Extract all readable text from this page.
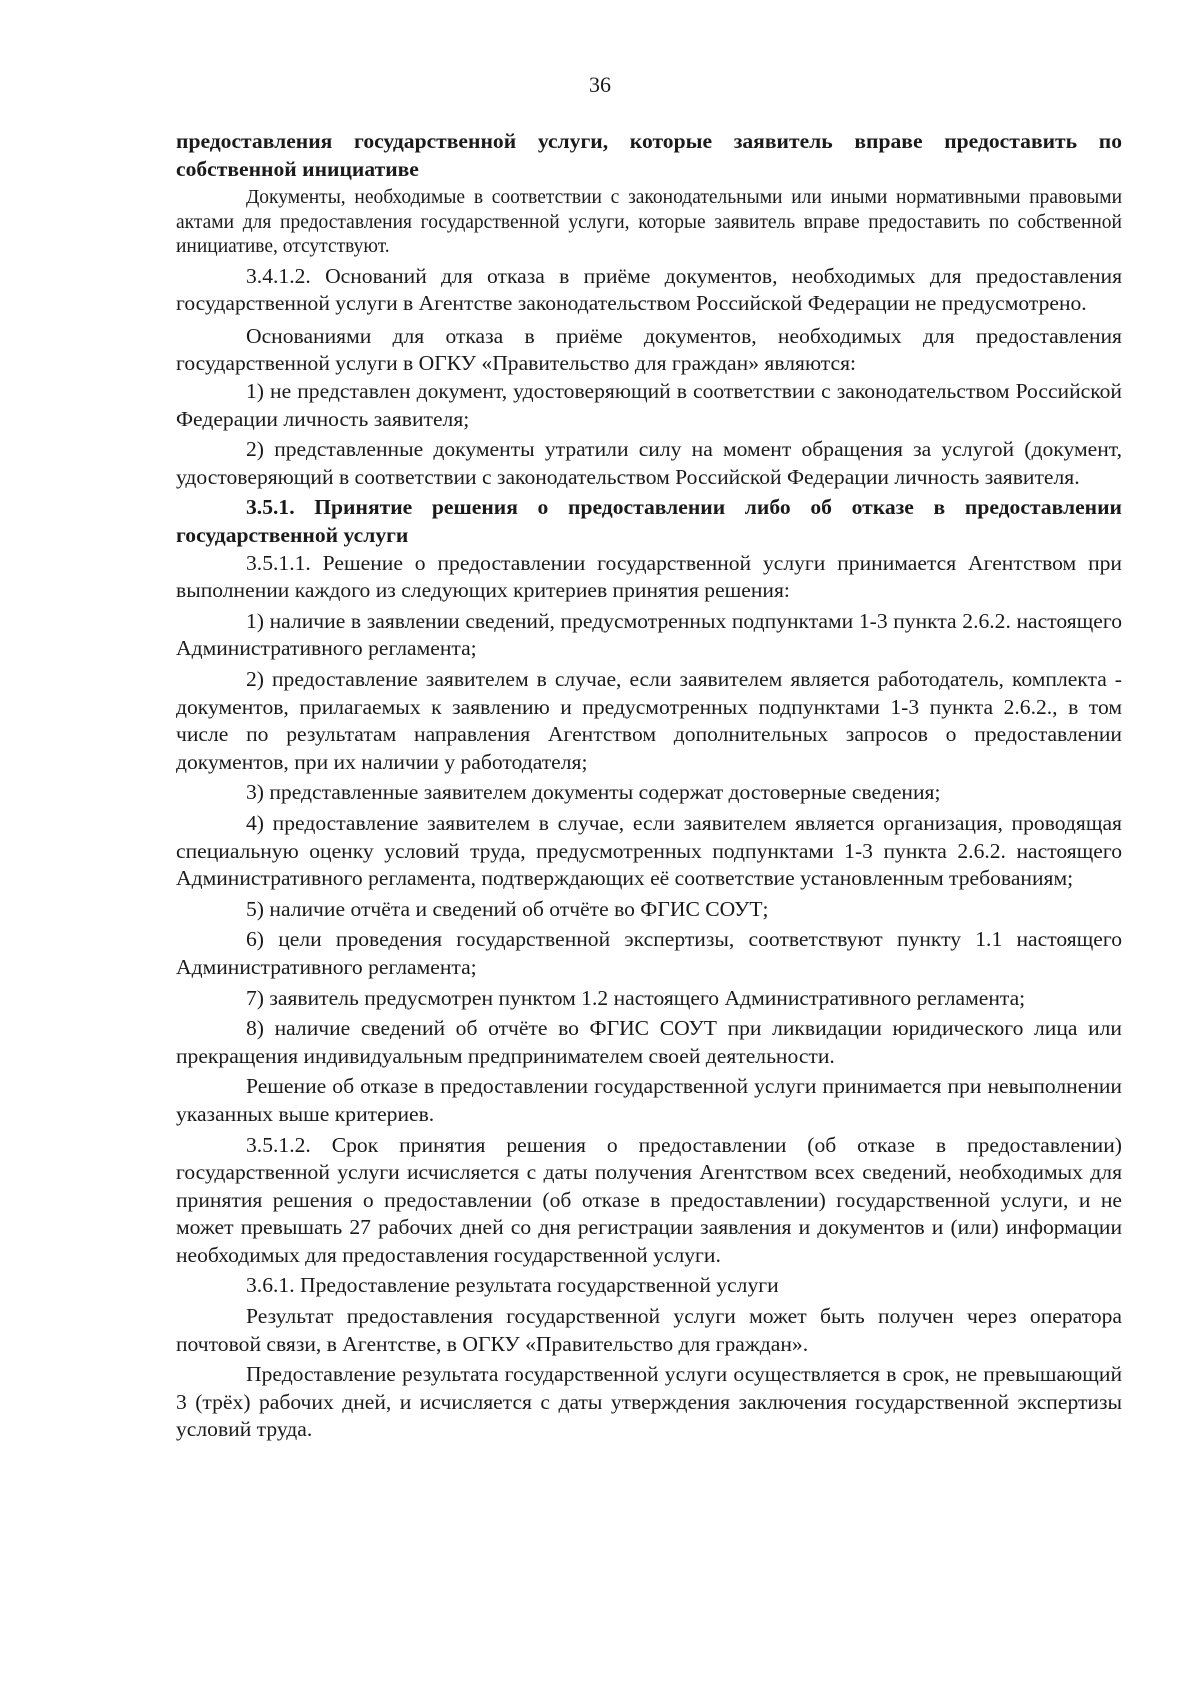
36

предоставления государственной услуги, которые заявитель вправе предоставить по собственной инициативе

Документы, необходимые в соответствии с законодательными или иными нормативными правовыми актами для предоставления государственной услуги, которые заявитель вправе предоставить по собственной инициативе, отсутствуют.

3.4.1.2. Оснований для отказа в приёме документов, необходимых для предоставления государственной услуги в Агентстве законодательством Российской Федерации не предусмотрено.

Основаниями для отказа в приёме документов, необходимых для предоставления государственной услуги в ОГКУ «Правительство для граждан» являются:

1) не представлен документ, удостоверяющий в соответствии с законодательством Российской Федерации личность заявителя;

2) представленные документы утратили силу на момент обращения за услугой (документ, удостоверяющий в соответствии с законодательством Российской Федерации личность заявителя.

3.5.1. Принятие решения о предоставлении либо об отказе в предоставлении государственной услуги

3.5.1.1. Решение о предоставлении государственной услуги принимается Агентством при выполнении каждого из следующих критериев принятия решения:

1) наличие в заявлении сведений, предусмотренных подпунктами 1-3 пункта 2.6.2. настоящего Административного регламента;

2) предоставление заявителем в случае, если заявителем является работодатель, комплекта - документов, прилагаемых к заявлению и предусмотренных подпунктами 1-3 пункта 2.6.2., в том числе по результатам направления Агентством дополнительных запросов о предоставлении документов, при их наличии у работодателя;

3) представленные заявителем документы содержат достоверные сведения;

4) предоставление заявителем в случае, если заявителем является организация, проводящая специальную оценку условий труда, предусмотренных подпунктами 1-3 пункта 2.6.2. настоящего Административного регламента, подтверждающих её соответствие установленным требованиям;

5) наличие отчёта и сведений об отчёте во ФГИС СОУТ;

6) цели проведения государственной экспертизы, соответствуют пункту 1.1 настоящего Административного регламента;

7) заявитель предусмотрен пунктом 1.2 настоящего Административного регламента;

8) наличие сведений об отчёте во ФГИС СОУТ при ликвидации юридического лица или прекращения индивидуальным предпринимателем своей деятельности.

Решение об отказе в предоставлении государственной услуги принимается при невыполнении указанных выше критериев.

3.5.1.2. Срок принятия решения о предоставлении (об отказе в предоставлении) государственной услуги исчисляется с даты получения Агентством всех сведений, необходимых для принятия решения о предоставлении (об отказе в предоставлении) государственной услуги, и не может превышать 27 рабочих дней со дня регистрации заявления и документов и (или) информации необходимых для предоставления государственной услуги.

3.6.1. Предоставление результата государственной услуги

Результат предоставления государственной услуги может быть получен через оператора почтовой связи, в Агентстве, в ОГКУ «Правительство для граждан».

Предоставление результата государственной услуги осуществляется в срок, не превышающий 3 (трёх) рабочих дней, и исчисляется с даты утверждения заключения государственной экспертизы условий труда.
